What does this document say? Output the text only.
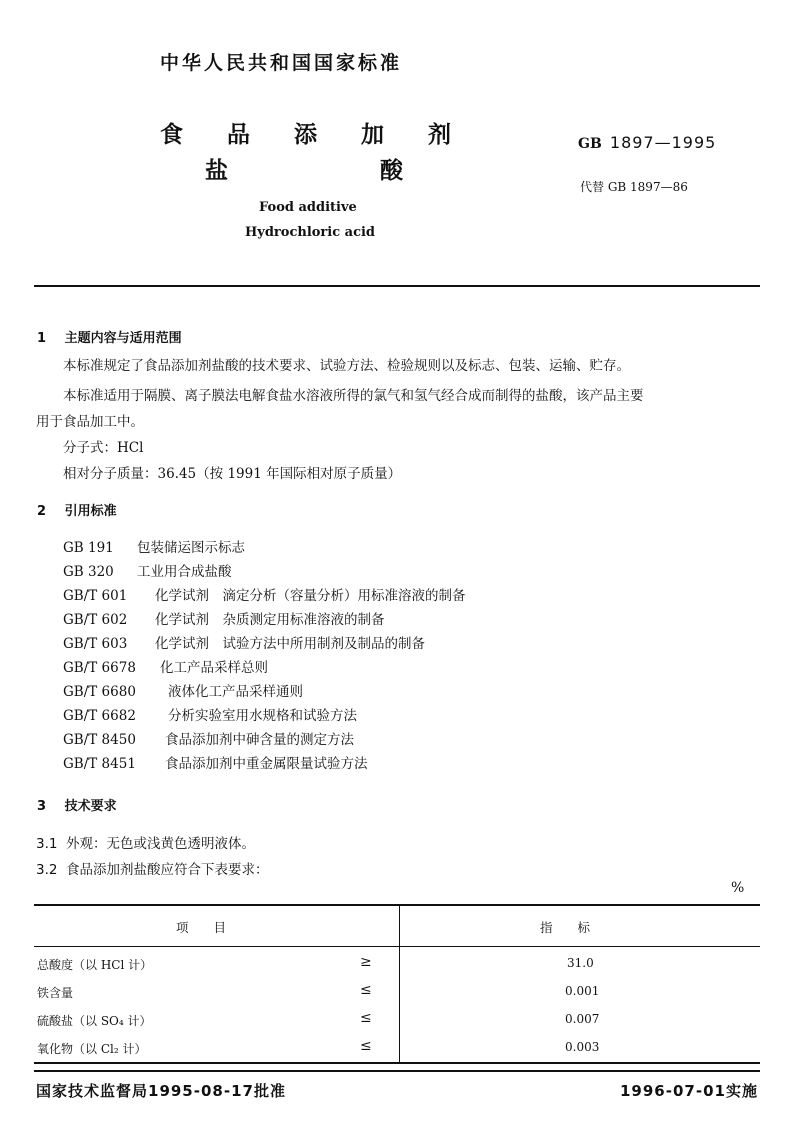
中华人民共和国国家标准
食 品 添 加 剂
盐	酸
Food additive
Hydrochloric acid
GB 1897—1995
代替 GB 1897—86
1 主题内容与适用范围
本标准规定了食品添加剂盐酸的技术要求、试验方法、检验规则以及标志、包装、运输、贮存。
本标准适用于隔膜、离子膜法电解食盐水溶液所得的氯气和氢气经合成而制得的盐酸，该产品主要
用于食品加工中。
分子式：HCl
相对分子质量：36.45（按 1991 年国际相对原子质量）
2 引用标准
GB 191 包装储运图示标志
GB 320 工业用合成盐酸
GB/T 601 化学试剂　滴定分析（容量分析）用标准溶液的制备
GB/T 602 化学试剂　杂质测定用标准溶液的制备
GB/T 603 化学试剂　试验方法中所用制剂及制品的制备
GB/T 6678 化工产品采样总则
GB/T 6680 液体化工产品采样通则
GB/T 6682 分析实验室用水规格和试验方法
GB/T 8450 食品添加剂中砷含量的测定方法
GB/T 8451 食品添加剂中重金属限量试验方法
3 技术要求
3.1 外观：无色或浅黄色透明液体。
3.2 食品添加剂盐酸应符合下表要求：
%
项　　目	指　　标
总酸度（以 HCl 计）	≥	31.0
铁含量	≤	0.001
硫酸盐（以 SO₄ 计）	≤	0.007
氧化物（以 Cl₂ 计）	≤	0.003
国家技术监督局1995-08-17批准	1996-07-01实施
